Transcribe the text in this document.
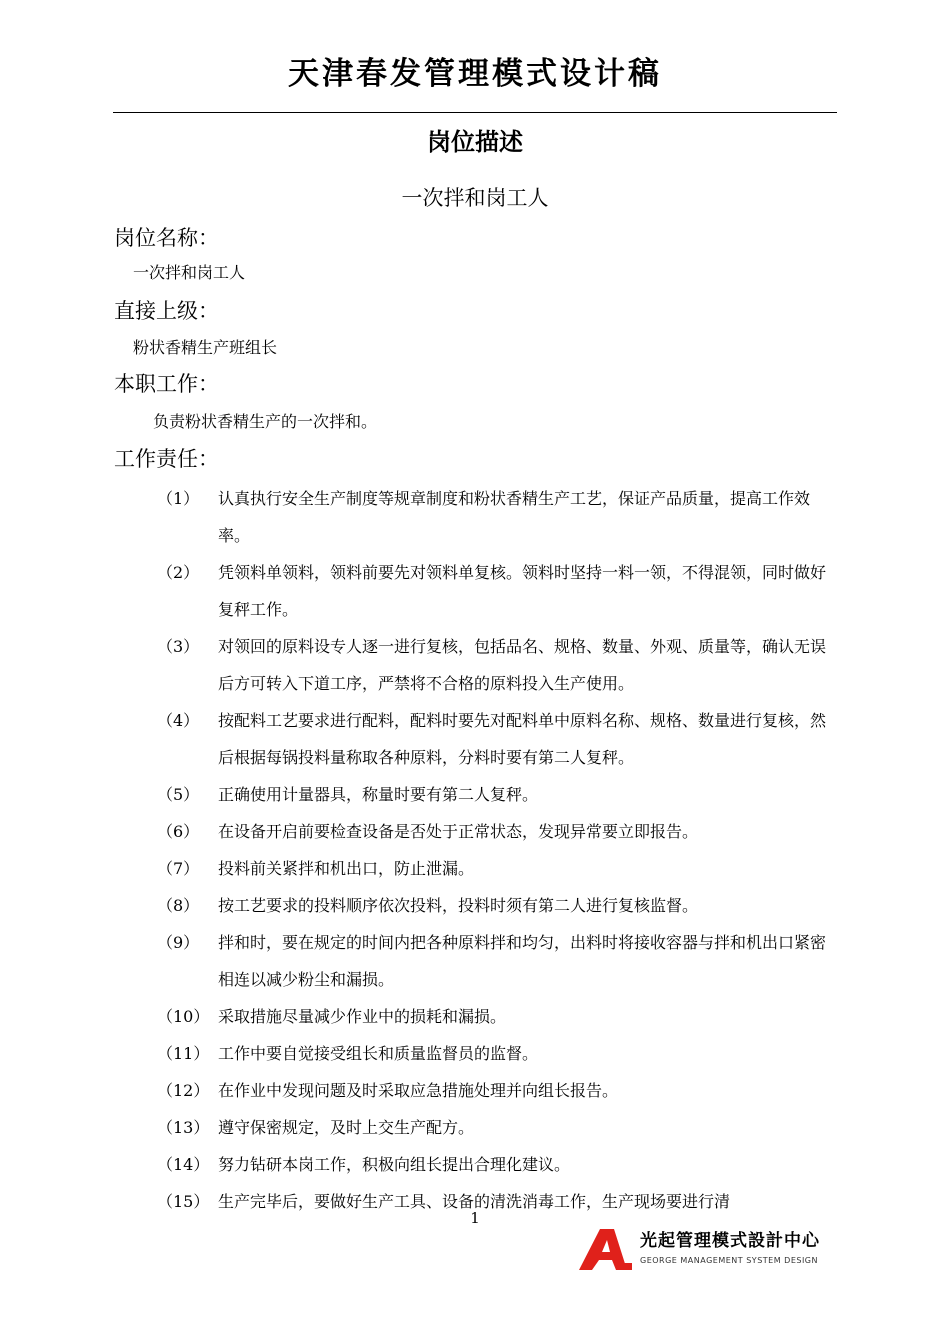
天津春发管理模式设计稿
岗位描述
一次拌和岗工人
岗位名称：
一次拌和岗工人
直接上级：
粉状香精生产班组长
本职工作：
负责粉状香精生产的一次拌和。
工作责任：
（1）	认真执行安全生产制度等规章制度和粉状香精生产工艺，保证产品质量，提高工作效率。
（2）	凭领料单领料，领料前要先对领料单复核。领料时坚持一料一领，不得混领，同时做好复秤工作。
（3）	对领回的原料设专人逐一进行复核，包括品名、规格、数量、外观、质量等，确认无误后方可转入下道工序，严禁将不合格的原料投入生产使用。
（4）	按配料工艺要求进行配料，配料时要先对配料单中原料名称、规格、数量进行复核，然后根据每锅投料量称取各种原料，分料时要有第二人复秤。
（5）	正确使用计量器具，称量时要有第二人复秤。
（6）	在设备开启前要检查设备是否处于正常状态，发现异常要立即报告。
（7）	投料前关紧拌和机出口，防止泄漏。
（8）	按工艺要求的投料顺序依次投料，投料时须有第二人进行复核监督。
（9）	拌和时，要在规定的时间内把各种原料拌和均匀，出料时将接收容器与拌和机出口紧密相连以减少粉尘和漏损。
（10） 采取措施尽量减少作业中的损耗和漏损。
（11） 工作中要自觉接受组长和质量监督员的监督。
（12） 在作业中发现问题及时采取应急措施处理并向组长报告。
（13） 遵守保密规定，及时上交生产配方。
（14） 努力钻研本岗工作，积极向组长提出合理化建议。
（15） 生产完毕后，要做好生产工具、设备的清洗消毒工作，生产现场要进行清
1
光起管理模式設計中心
GEORGE MANAGEMENT SYSTEM DESIGN
